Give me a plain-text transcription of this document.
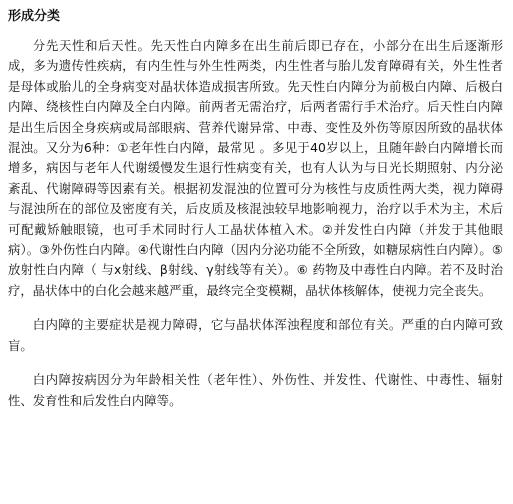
形成分类

分先天性和后天性。先天性白内障多在出生前后即已存在，小部分在出生后逐渐形成，多为遗传性疾病，有内生性与外生性两类，内生性者与胎儿发育障碍有关，外生性者是母体或胎儿的全身病变对晶状体造成损害所致。先天性白内障分为前极白内障、后极白内障、绕核性白内障及全白内障。前两者无需治疗，后两者需行手术治疗。后天性白内障是出生后因全身疾病或局部眼病、营养代谢异常、中毒、变性及外伤等原因所致的晶状体混浊。又分为6种：①老年性白内障，最常见 。多见于40岁以上，且随年龄白内障增长而增多，病因与老年人代谢缓慢发生退行性病变有关，也有人认为与日光长期照射、内分泌紊乱、代谢障碍等因素有关。根据初发混浊的位置可分为核性与皮质性两大类，视力障碍与混浊所在的部位及密度有关，后皮质及核混浊较早地影响视力，治疗以手术为主，术后可配戴矫触眼镜，也可手术同时行人工晶状体植入术。②并发性白内障（并发于其他眼病）。③外伤性白内障。④代谢性白内障（因内分泌功能不全所致，如糖尿病性白内障）。⑤放射性白内障（ 与x射线、β射线、γ射线等有关）。⑥ 药物及中毒性白内障。若不及时治疗，晶状体中的白化会越来越严重，最终完全变模糊，晶状体核解体，使视力完全丧失。

白内障的主要症状是视力障碍，它与晶状体浑浊程度和部位有关。严重的白内障可致盲。

白内障按病因分为年龄相关性（老年性）、外伤性、并发性、代谢性、中毒性、辐射性、发育性和后发性白内障等。
